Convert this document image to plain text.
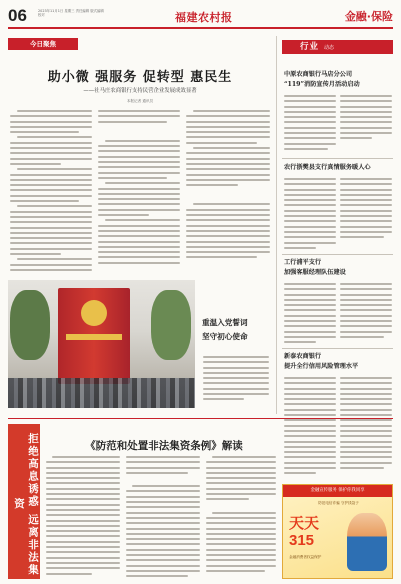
06	2023年11月1日 星期三 责任编辑 版式编辑 校对	福建农村报	金融·保险
今日聚焦
助小微 强服务 促转型 惠民生
——社马庄农商银行支持民营企业发展成效显著
本报记者 通讯员
重温入党誓词
坚守初心使命
行业 动态
中原农商银行马店分公司
“119”消防宣传月活动启动
农行浙樊县支行真情服务暖人心
工行浦平支行
加强客服经理队伍建设
新泰农商银行
提升全行信用风险管理水平
拒绝高息诱惑 远离非法集资
《防范和处置非法集资条例》解读
金融宣传服务 保护你我同享
防范电信诈骗 守护钱袋子
天天
315
金融消费者权益保护
